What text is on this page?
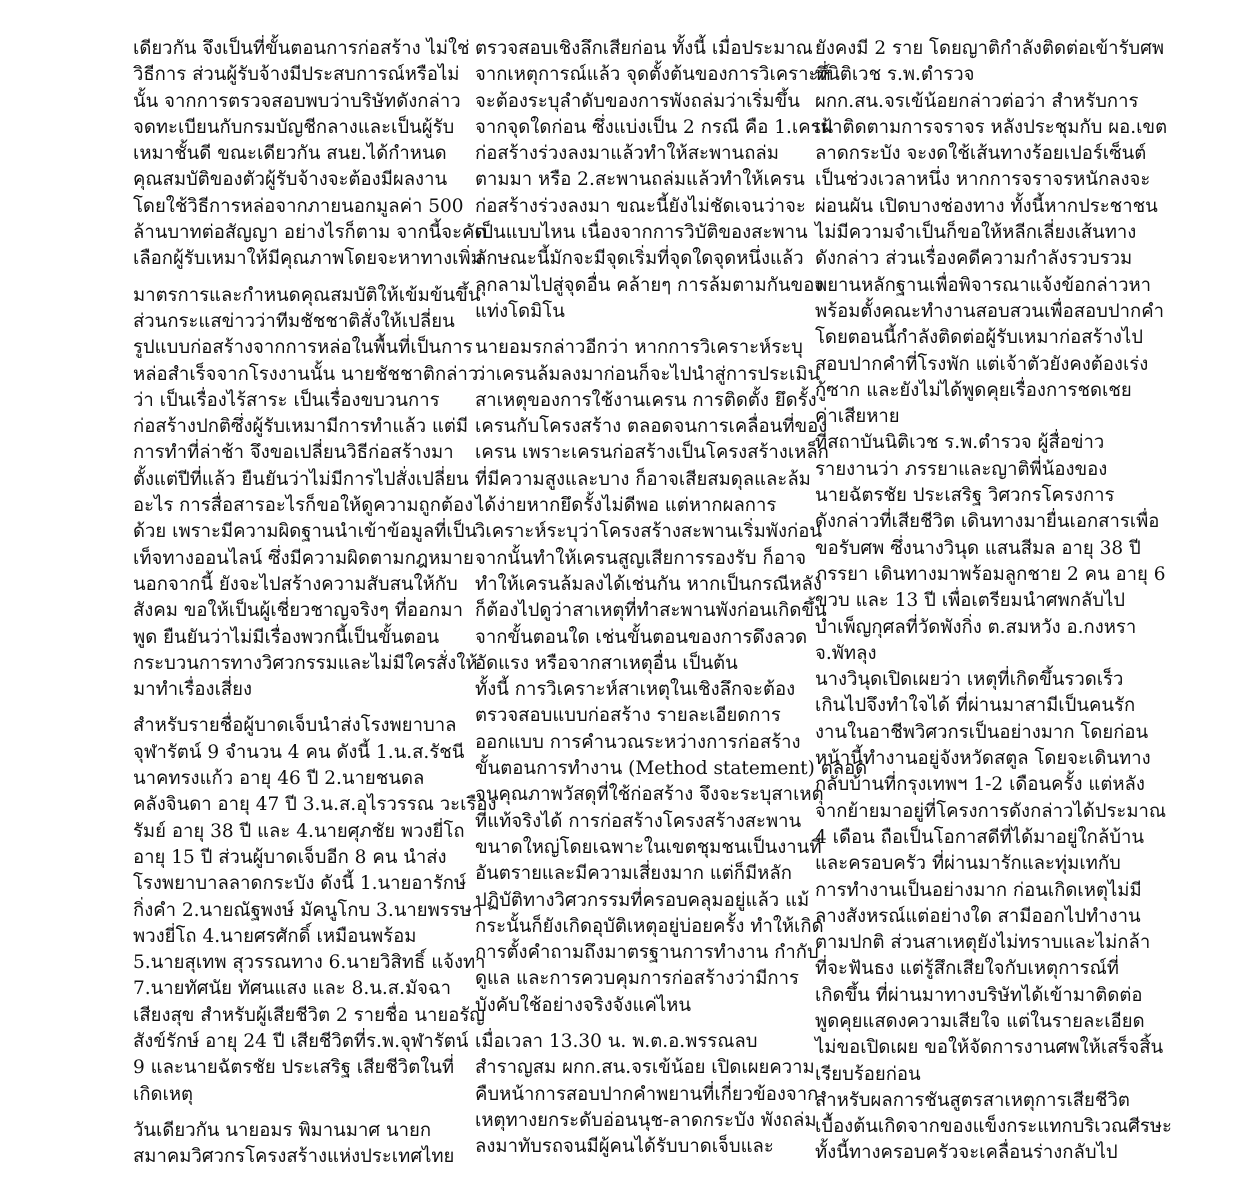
เดียวกัน จึงเป็นที่ขั้นตอนการก่อสร้าง ไม่ใช่
วิธีการ ส่วนผู้รับจ้างมีประสบการณ์หรือไม่
นั้น จากการตรวจสอบพบว่าบริษัทดังกล่าว
จดทะเบียนกับกรมบัญชีกลางและเป็นผู้รับ
เหมาชั้นดี ขณะเดียวกัน สนย.ได้กำหนด
คุณสมบัติของตัวผู้รับจ้างจะต้องมีผลงาน
โดยใช้วิธีการหล่อจากภายนอกมูลค่า 500
ล้านบาทต่อสัญญา อย่างไรก็ตาม จากนี้จะคัด
เลือกผู้รับเหมาให้มีคุณภาพโดยจะหาทางเพิ่ม
มาตรการและกำหนดคุณสมบัติให้เข้มข้นขึ้น
ส่วนกระแสข่าวว่าทีมชัชชาติสั่งให้เปลี่ยน
รูปแบบก่อสร้างจากการหล่อในพื้นที่เป็นการ
หล่อสำเร็จจากโรงงานนั้น นายชัชชาติกล่าว
ว่า เป็นเรื่องไร้สาระ เป็นเรื่องขบวนการ
ก่อสร้างปกติซึ่งผู้รับเหมามีการทำแล้ว แต่มี
การทำที่ล่าช้า จึงขอเปลี่ยนวิธีก่อสร้างมา
ตั้งแต่ปีที่แล้ว ยืนยันว่าไม่มีการไปสั่งเปลี่ยน
อะไร การสื่อสารอะไรก็ขอให้ดูความถูกต้อง
ด้วย เพราะมีความผิดฐานนำเข้าข้อมูลที่เป็น
เท็จทางออนไลน์ ซึ่งมีความผิดตามกฎหมาย
นอกจากนี้ ยังจะไปสร้างความสับสนให้กับ
สังคม ขอให้เป็นผู้เชี่ยวชาญจริงๆ ที่ออกมา
พูด ยืนยันว่าไม่มีเรื่องพวกนี้เป็นขั้นตอน
กระบวนการทางวิศวกรรมและไม่มีใครสั่งให้
มาทำเรื่องเสี่ยง
สำหรับรายชื่อผู้บาดเจ็บนำส่งโรงพยาบาล
จุฬารัตน์ 9 จำนวน 4 คน ดังนี้ 1.น.ส.รัชนี
นาคทรงแก้ว อายุ 46 ปี 2.นายชนดล
คลังจินดา อายุ 47 ปี 3.น.ส.อุไรวรรณ วะเรือง
รัมย์ อายุ 38 ปี และ 4.นายศุภชัย พวงยี่โถ
อายุ 15 ปี ส่วนผู้บาดเจ็บอีก 8 คน นำส่ง
โรงพยาบาลลาดกระบัง ดังนี้ 1.นายอารักษ์
กิ่งคำ 2.นายณัฐพงษ์ มัคนูโกบ 3.นายพรรษา
พวงยี่โถ 4.นายศรศักดิ์ เหมือนพร้อม
5.นายสุเทพ สุวรรณทาง 6.นายวิสิทธิ์ แจ้งทา
7.นายทัศนัย ทัศนแสง และ 8.น.ส.มัจฉา
เสียงสุข สำหรับผู้เสียชีวิต 2 รายชื่อ นายอรัญ
สังข์รักษ์ อายุ 24 ปี เสียชีวิตที่ร.พ.จุฬารัตน์
9 และนายฉัตรชัย ประเสริฐ เสียชีวิตในที่
เกิดเหตุ
วันเดียวกัน นายอมร พิมานมาศ นายก
สมาคมวิศวกรโครงสร้างแห่งประเทศไทย
ตรวจสอบเชิงลึกเสียก่อน ทั้งนี้ เมื่อประมาณ
จากเหตุการณ์แล้ว จุดตั้งต้นของการวิเคราะห์
จะต้องระบุลำดับของการพังถล่มว่าเริ่มขึ้น
จากจุดใดก่อน ซึ่งแบ่งเป็น 2 กรณี คือ 1.เครน
ก่อสร้างร่วงลงมาแล้วทำให้สะพานถล่ม
ตามมา หรือ 2.สะพานถล่มแล้วทำให้เครน
ก่อสร้างร่วงลงมา ขณะนี้ยังไม่ชัดเจนว่าจะ
เป็นแบบไหน เนื่องจากการวิบัติของสะพาน
ลักษณะนี้มักจะมีจุดเริ่มที่จุดใดจุดหนึ่งแล้ว
ลุกลามไปสู่จุดอื่น คล้ายๆ การล้มตามกันของ
แท่งโดมิโน
นายอมรกล่าวอีกว่า หากการวิเคราะห์ระบุ
ว่าเครนล้มลงมาก่อนก็จะไปนำสู่การประเมิน
สาเหตุของการใช้งานเครน การติดตั้ง ยึดรั้ง
เครนกับโครงสร้าง ตลอดจนการเคลื่อนที่ของ
เครน เพราะเครนก่อสร้างเป็นโครงสร้างเหล็ก
ที่มีความสูงและบาง ก็อาจเสียสมดุลและล้ม
ได้ง่ายหากยึดรั้งไม่ดีพอ แต่หากผลการ
วิเคราะห์ระบุว่าโครงสร้างสะพานเริ่มพังก่อน
จากนั้นทำให้เครนสูญเสียการรองรับ ก็อาจ
ทำให้เครนล้มลงได้เช่นกัน หากเป็นกรณีหลัง
ก็ต้องไปดูว่าสาเหตุที่ทำสะพานพังก่อนเกิดขึ้น
จากขั้นตอนใด เช่นขั้นตอนของการดึงลวด
อัดแรง หรือจากสาเหตุอื่น เป็นต้น
ทั้งนี้ การวิเคราะห์สาเหตุในเชิงลึกจะต้อง
ตรวจสอบแบบก่อสร้าง รายละเอียดการ
ออกแบบ การคำนวณระหว่างการก่อสร้าง
ขั้นตอนการทำงาน (Method statement) ตลอด
จนคุณภาพวัสดุที่ใช้ก่อสร้าง จึงจะระบุสาเหตุ
ที่แท้จริงได้ การก่อสร้างโครงสร้างสะพาน
ขนาดใหญ่โดยเฉพาะในเขตชุมชนเป็นงานที่
อันตรายและมีความเสี่ยงมาก แต่ก็มีหลัก
ปฏิบัติทางวิศวกรรมที่ครอบคลุมอยู่แล้ว แม้
กระนั้นก็ยังเกิดอุบัติเหตุอยู่บ่อยครั้ง ทำให้เกิด
การตั้งคำถามถึงมาตรฐานการทำงาน กำกับ
ดูแล และการควบคุมการก่อสร้างว่ามีการ
บังคับใช้อย่างจริงจังแค่ไหน
เมื่อเวลา 13.30 น. พ.ต.อ.พรรณลบ
สำราญสม ผกก.สน.จรเข้น้อย เปิดเผยความ
คืบหน้าการสอบปากคำพยานที่เกี่ยวข้องจาก
เหตุทางยกระดับอ่อนนุช-ลาดกระบัง พังถล่ม
ลงมาทับรถจนมีผู้คนได้รับบาดเจ็บและ
ยังคงมี 2 ราย โดยญาติกำลังติดต่อเข้ารับศพ
ที่นิติเวช ร.พ.ตำรวจ
ผกก.สน.จรเข้น้อยกล่าวต่อว่า สำหรับการ
เฝ้าติดตามการจราจร หลังประชุมกับ ผอ.เขต
ลาดกระบัง จะงดใช้เส้นทางร้อยเปอร์เซ็นต์
เป็นช่วงเวลาหนึ่ง หากการจราจรหนักลงจะ
ผ่อนผัน เปิดบางช่องทาง ทั้งนี้หากประชาชน
ไม่มีความจำเป็นก็ขอให้หลีกเลี่ยงเส้นทาง
ดังกล่าว ส่วนเรื่องคดีความกำลังรวบรวม
พยานหลักฐานเพื่อพิจารณาแจ้งข้อกล่าวหา
พร้อมตั้งคณะทำงานสอบสวนเพื่อสอบปากคำ
โดยตอนนี้กำลังติดต่อผู้รับเหมาก่อสร้างไป
สอบปากคำที่โรงพัก แต่เจ้าตัวยังคงต้องเร่ง
กู้ซาก และยังไม่ได้พูดคุยเรื่องการชดเชย
ค่าเสียหาย
ที่สถาบันนิติเวช ร.พ.ตำรวจ ผู้สื่อข่าว
รายงานว่า ภรรยาและญาติพี่น้องของ
นายฉัตรชัย ประเสริฐ วิศวกรโครงการ
ดังกล่าวที่เสียชีวิต เดินทางมายื่นเอกสารเพื่อ
ขอรับศพ ซึ่งนางวินุด แสนสีมล อายุ 38 ปี
ภรรยา เดินทางมาพร้อมลูกชาย 2 คน อายุ 6
ขวบ และ 13 ปี เพื่อเตรียมนำศพกลับไป
บำเพ็ญกุศลที่วัดพังกิ่ง ต.สมหวัง อ.กงหรา
จ.พัทลุง
นางวินุดเปิดเผยว่า เหตุที่เกิดขึ้นรวดเร็ว
เกินไปจึงทำใจได้ ที่ผ่านมาสามีเป็นคนรัก
งานในอาชีพวิศวกรเป็นอย่างมาก โดยก่อน
หน้านี้ทำงานอยู่จังหวัดสตูล โดยจะเดินทาง
กลับบ้านที่กรุงเทพฯ 1-2 เดือนครั้ง แต่หลัง
จากย้ายมาอยู่ที่โครงการดังกล่าวได้ประมาณ
4 เดือน ถือเป็นโอกาสดีที่ได้มาอยู่ใกล้บ้าน
และครอบครัว ที่ผ่านมารักและทุ่มเทกับ
การทำงานเป็นอย่างมาก ก่อนเกิดเหตุไม่มี
ลางสังหรณ์แต่อย่างใด สามีออกไปทำงาน
ตามปกติ ส่วนสาเหตุยังไม่ทราบและไม่กล้า
ที่จะฟันธง แต่รู้สึกเสียใจกับเหตุการณ์ที่
เกิดขึ้น ที่ผ่านมาทางบริษัทได้เข้ามาติดต่อ
พูดคุยแสดงความเสียใจ แต่ในรายละเอียด
ไม่ขอเปิดเผย ขอให้จัดการงานศพให้เสร็จสิ้น
เรียบร้อยก่อน
สำหรับผลการชันสูตรสาเหตุการเสียชีวิต
เบื้องต้นเกิดจากของแข็งกระแทกบริเวณศีรษะ
ทั้งนี้ทางครอบครัวจะเคลื่อนร่างกลับไป
